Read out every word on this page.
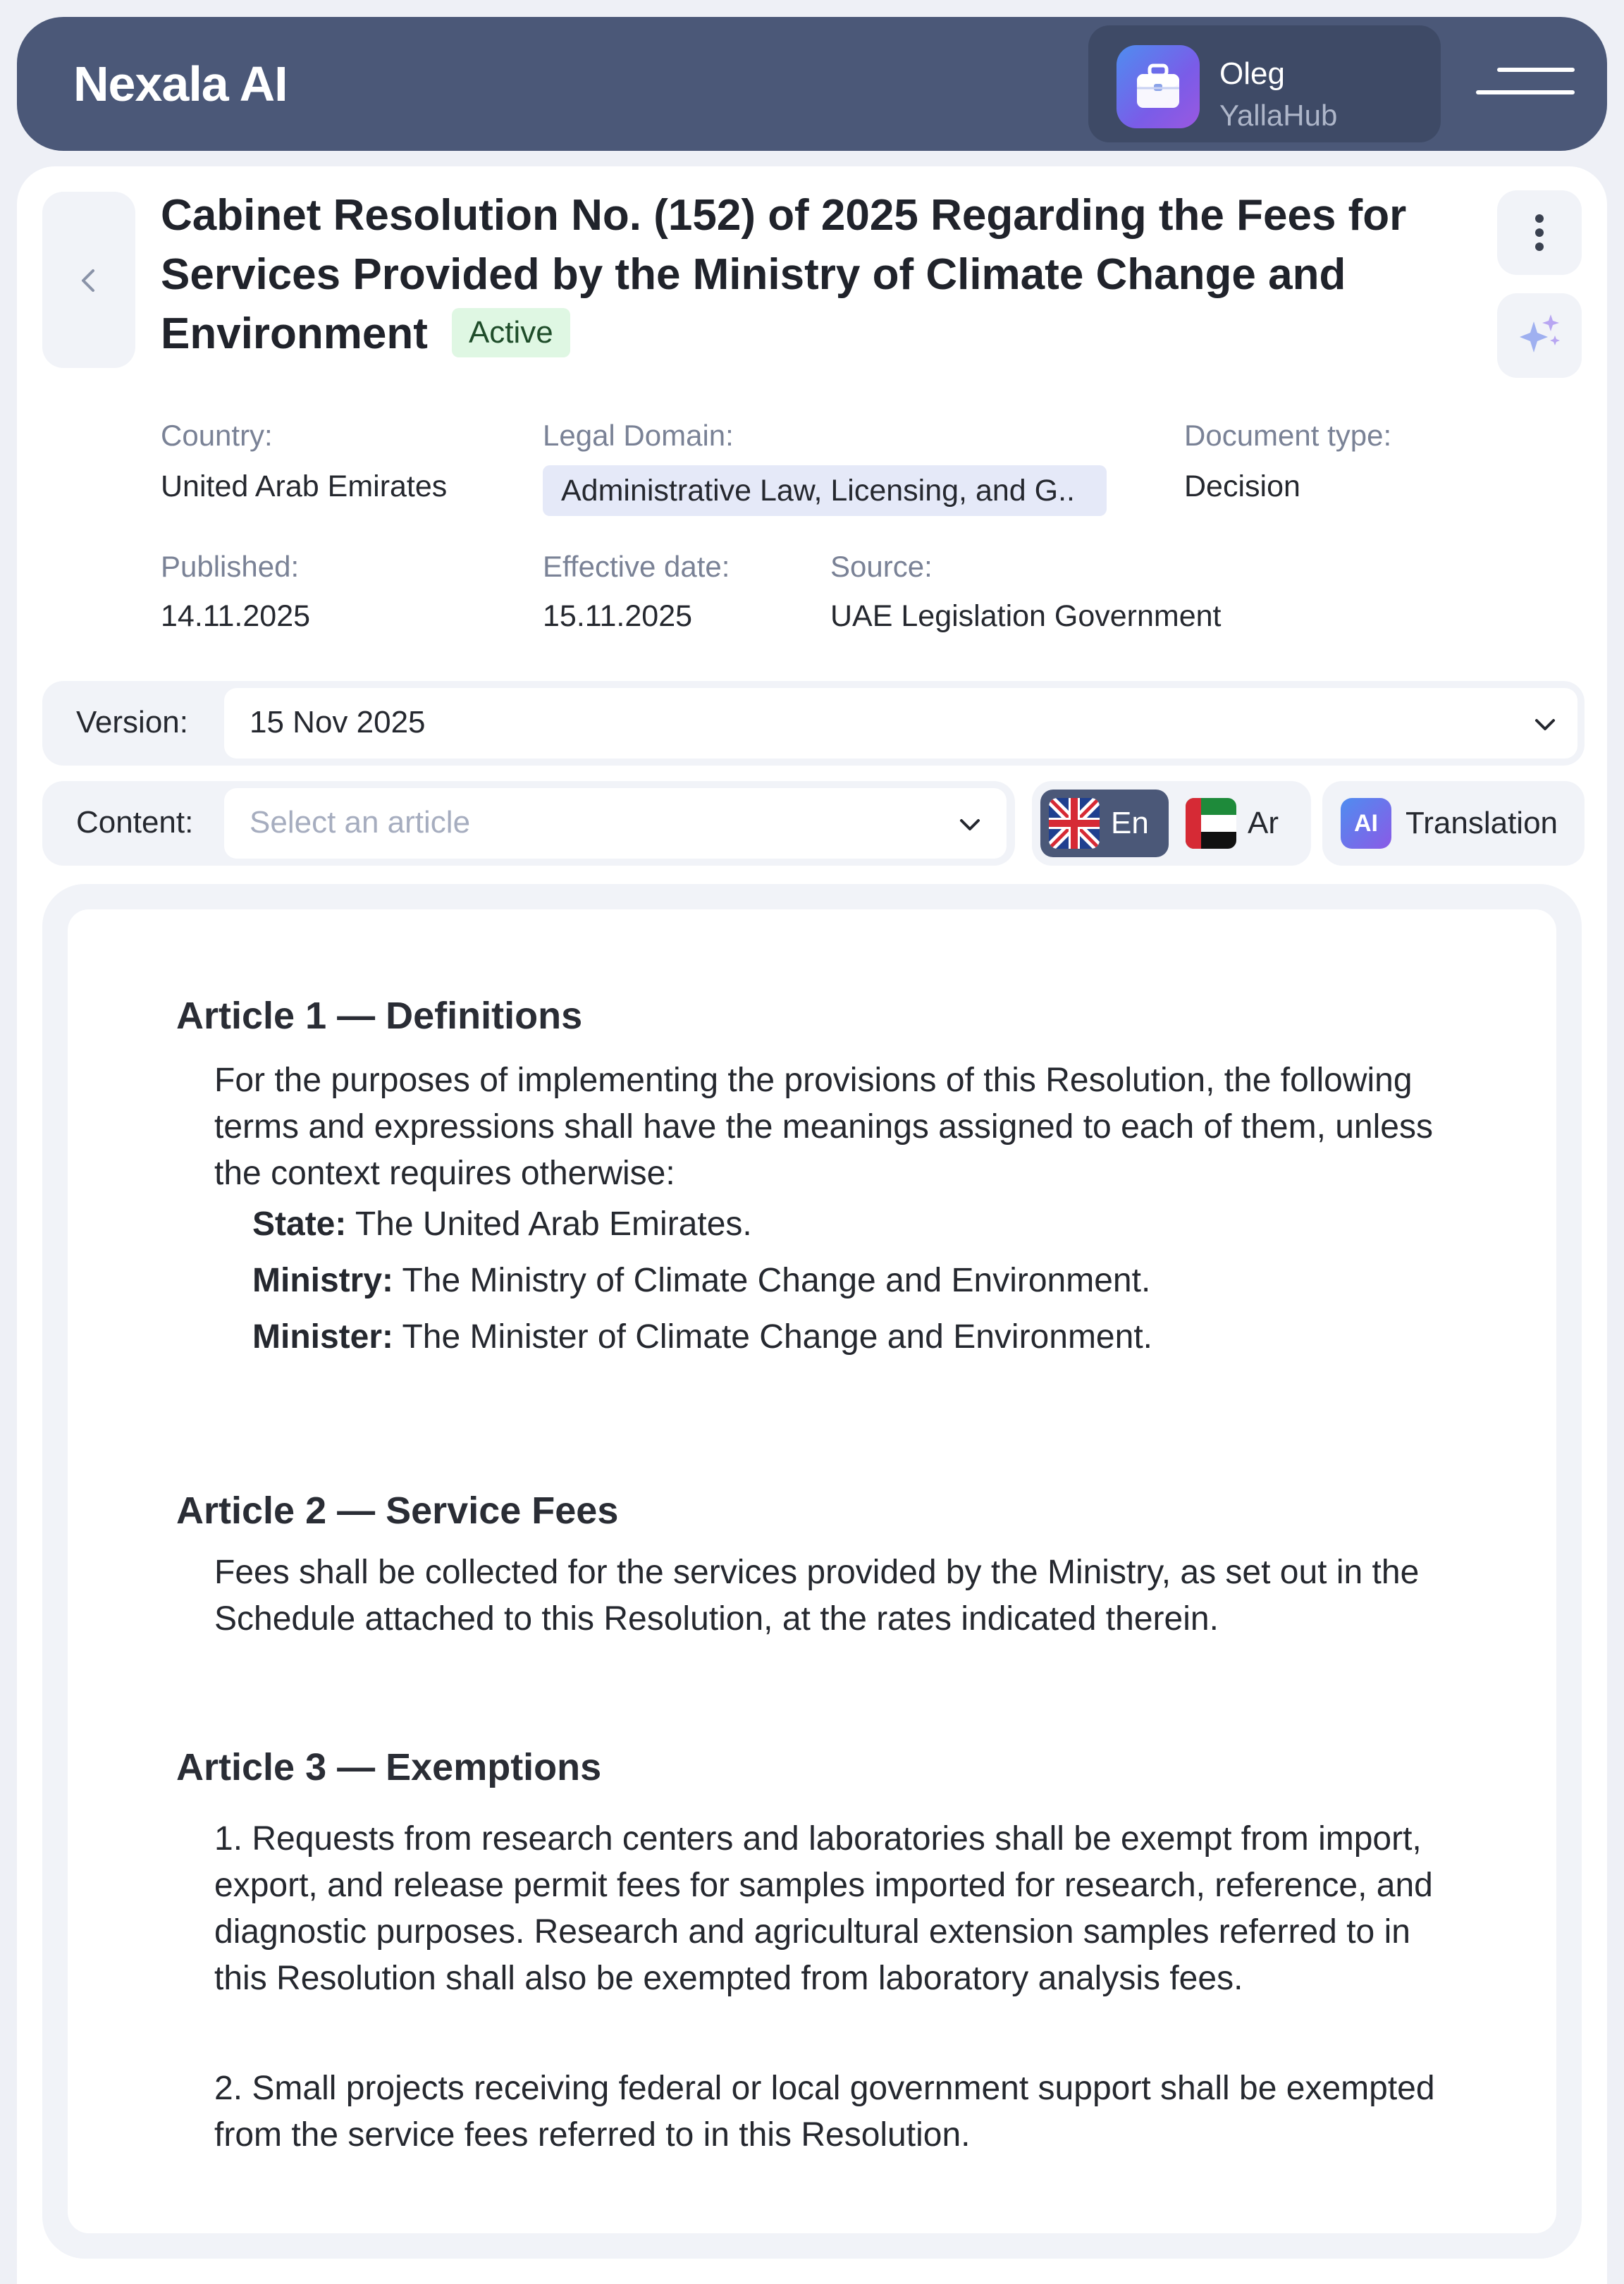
Nexala AI	Oleg
YallaHub
Cabinet Resolution No. (152) of 2025 Regarding the Fees for Services Provided by the Ministry of Climate Change and Environment Active
Country:
United Arab Emirates
Legal Domain:
Administrative Law, Licensing, and G..
Document type:
Decision
Published:
14.11.2025
Effective date:
15.11.2025
Source:
UAE Legislation Government
Version: 15 Nov 2025
Content: Select an article	En	Ar	AI Translation
Article 1 — Definitions
For the purposes of implementing the provisions of this Resolution, the following terms and expressions shall have the meanings assigned to each of them, unless the context requires otherwise:
State: The United Arab Emirates.
Ministry: The Ministry of Climate Change and Environment.
Minister: The Minister of Climate Change and Environment.
Article 2 — Service Fees
Fees shall be collected for the services provided by the Ministry, as set out in the Schedule attached to this Resolution, at the rates indicated therein.
Article 3 — Exemptions
1. Requests from research centers and laboratories shall be exempt from import, export, and release permit fees for samples imported for research, reference, and diagnostic purposes. Research and agricultural extension samples referred to in this Resolution shall also be exempted from laboratory analysis fees.
2. Small projects receiving federal or local government support shall be exempted from the service fees referred to in this Resolution.
